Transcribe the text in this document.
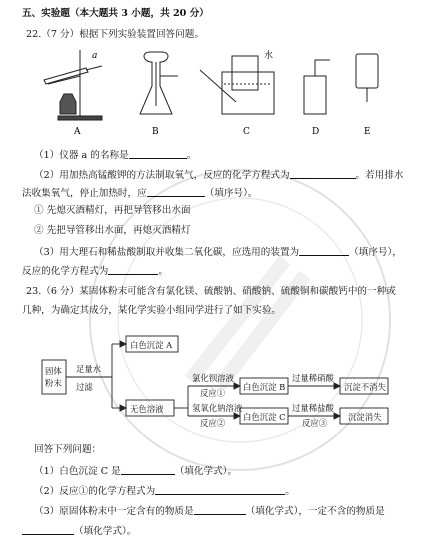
五、实验题（本大题共 3 小题，共 20 分）
22.（7 分）根据下列实验装置回答问题。
a	水
A	B	C	D	E
（1）仪器 a 的名称是	。
（2）用加热高锰酸钾的方法制取氧气，反应的化学方程式为	。若用排水
法收集氧气，停止加热时，应	（填序号）。
① 先熄灭酒精灯，再把导管移出水面
② 先把导管移出水面，再熄灭酒精灯
（3）用大理石和稀盐酸制取并收集二氧化碳，应选用的装置为	（填序号），
反应的化学方程式为	。
23.（6 分）某固体粉末可能含有氯化镁、硫酸钠、硝酸钠、硫酸铜和碳酸钙中的一种或
几种，为确定其成分，某化学实验小组同学进行了如下实验。
固体
粉末
足量水
过滤
白色沉淀 A
无色溶液
氯化钡溶液
反应①
氢氧化钠溶液
反应②
白色沉淀 B
白色沉淀 C
过量稀硝酸
过量稀盐酸
反应③
沉淀不消失
沉淀消失
回答下列问题：
（1）白色沉淀 C 是	（填化学式）。
（2）反应①的化学方程式为	。
（3）原固体粉末中一定含有的物质是	（填化学式），一定不含的物质是
（填化学式）。
